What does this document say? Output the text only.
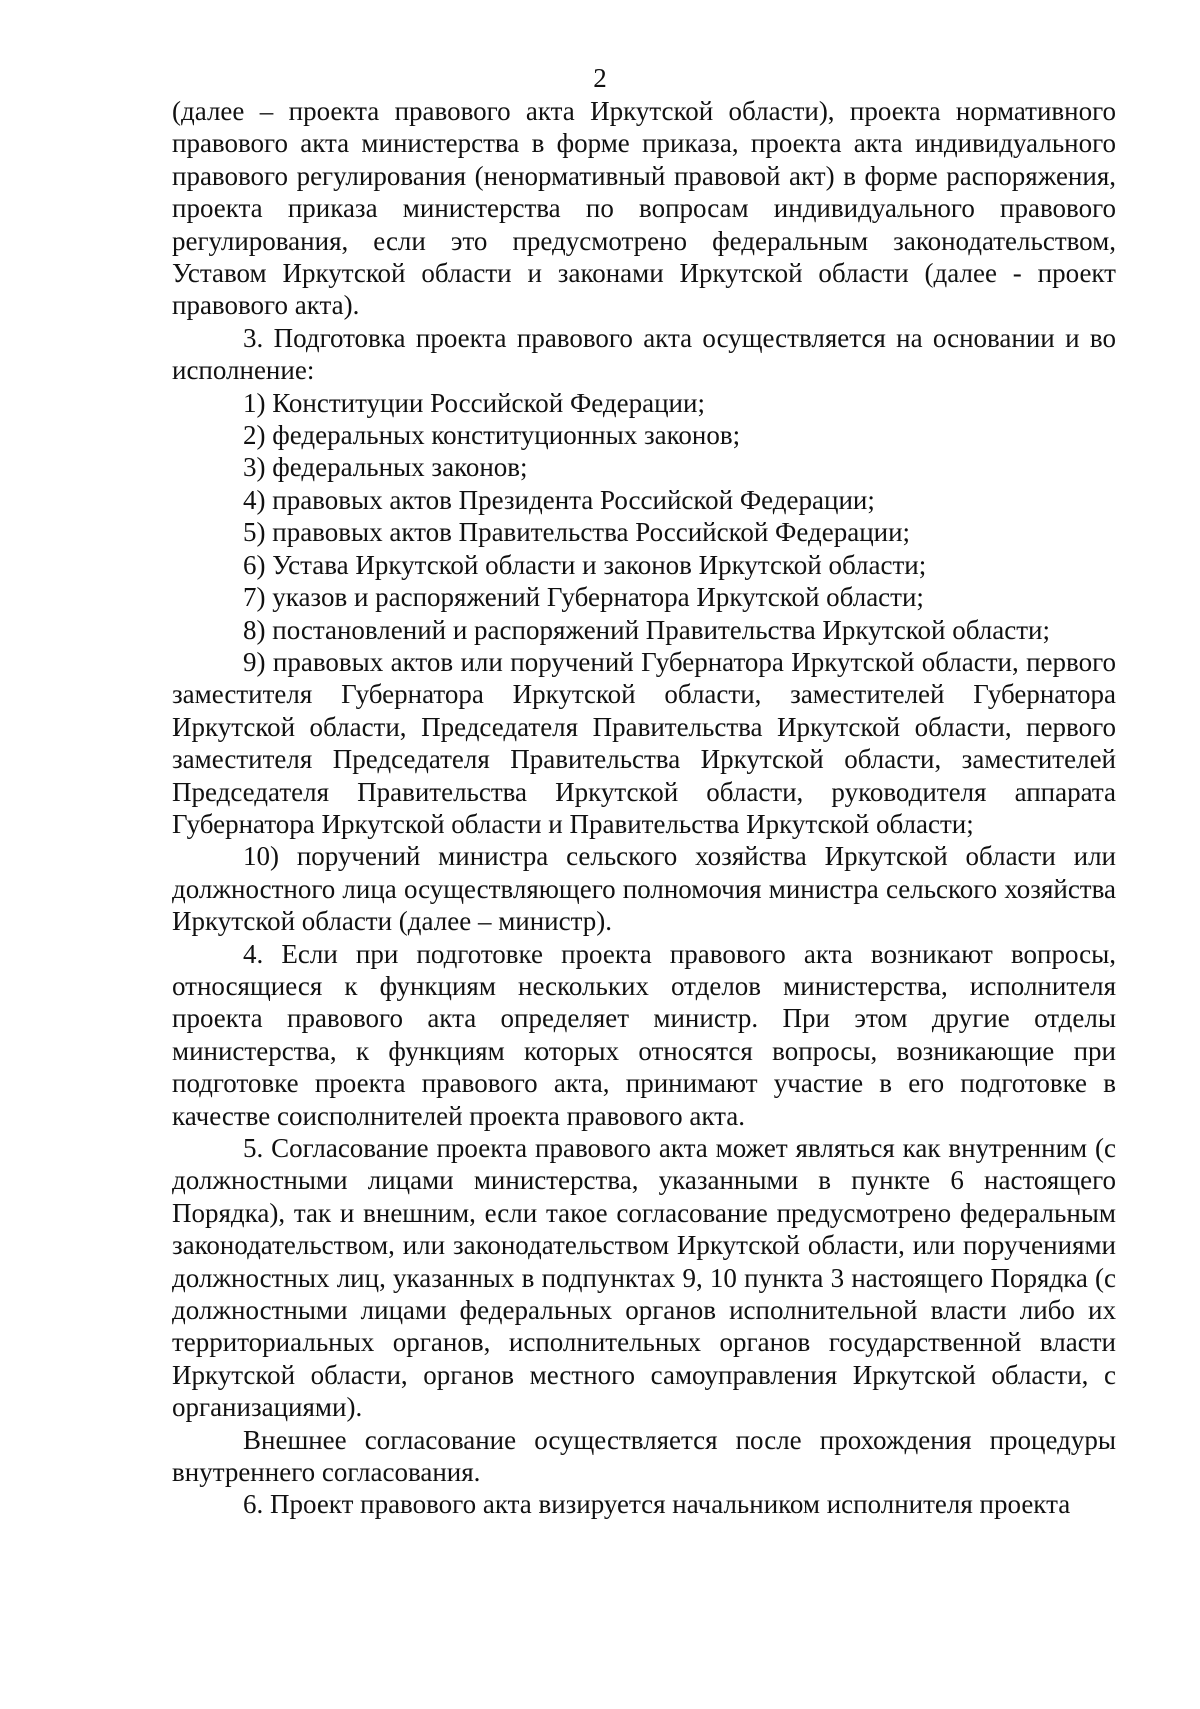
2

(далее – проекта правового акта Иркутской области), проекта нормативного правового акта министерства в форме приказа, проекта акта индивидуального правового регулирования (ненормативный правовой акт) в форме распоряжения, проекта приказа министерства по вопросам индивидуального правового регулирования, если это предусмотрено федеральным законодательством, Уставом Иркутской области и законами Иркутской области (далее - проект правового акта).

3. Подготовка проекта правового акта осуществляется на основании и во исполнение:

1) Конституции Российской Федерации;

2) федеральных конституционных законов;

3) федеральных законов;

4) правовых актов Президента Российской Федерации;

5) правовых актов Правительства Российской Федерации;

6) Устава Иркутской области и законов Иркутской области;

7) указов и распоряжений Губернатора Иркутской области;

8) постановлений и распоряжений Правительства Иркутской области;

9) правовых актов или поручений Губернатора Иркутской области, первого заместителя Губернатора Иркутской области, заместителей Губернатора Иркутской области, Председателя Правительства Иркутской области, первого заместителя Председателя Правительства Иркутской области, заместителей Председателя Правительства Иркутской области, руководителя аппарата Губернатора Иркутской области и Правительства Иркутской области;

10) поручений министра сельского хозяйства Иркутской области или должностного лица осуществляющего полномочия министра сельского хозяйства Иркутской области (далее – министр).

4. Если при подготовке проекта правового акта возникают вопросы, относящиеся к функциям нескольких отделов министерства, исполнителя проекта правового акта определяет министр. При этом другие отделы министерства, к функциям которых относятся вопросы, возникающие при подготовке проекта правового акта, принимают участие в его подготовке в качестве соисполнителей проекта правового акта.

5. Согласование проекта правового акта может являться как внутренним (с должностными лицами министерства, указанными в пункте 6 настоящего Порядка), так и внешним, если такое согласование предусмотрено федеральным законодательством, или законодательством Иркутской области, или поручениями должностных лиц, указанных в подпунктах 9, 10 пункта 3 настоящего Порядка (с должностными лицами федеральных органов исполнительной власти либо их территориальных органов, исполнительных органов государственной власти Иркутской области, органов местного самоуправления Иркутской области, с организациями).

Внешнее согласование осуществляется после прохождения процедуры внутреннего согласования.

6. Проект правового акта визируется начальником исполнителя проекта
